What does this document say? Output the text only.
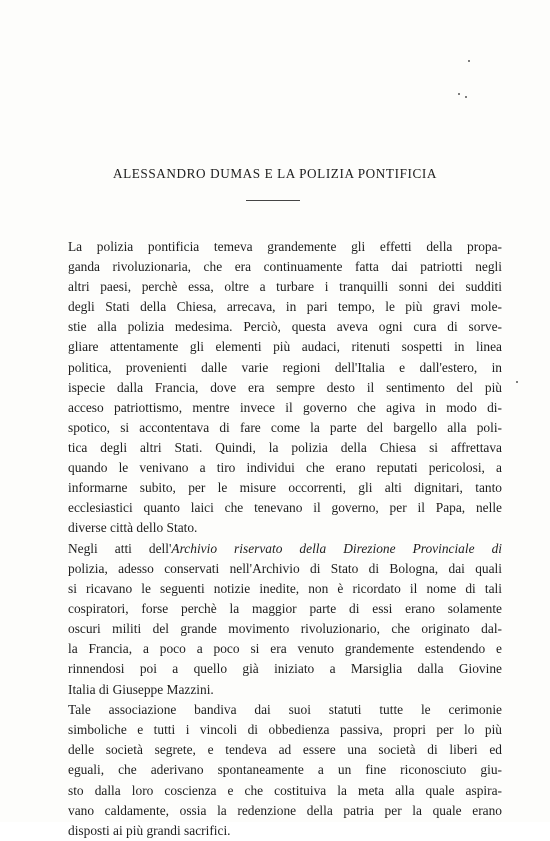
ALESSANDRO DUMAS E LA POLIZIA PONTIFICIA

La polizia pontificia temeva grandemente gli effetti della propa-
ganda rivoluzionaria, che era continuamente fatta dai patriotti negli
altri paesi, perchè essa, oltre a turbare i tranquilli sonni dei sudditi
degli Stati della Chiesa, arrecava, in pari tempo, le più gravi mole-
stie alla polizia medesima. Perciò, questa aveva ogni cura di sorve-
gliare attentamente gli elementi più audaci, ritenuti sospetti in linea
politica, provenienti dalle varie regioni dell'Italia e dall'estero, in
ispecie dalla Francia, dove era sempre desto il sentimento del più
acceso patriottismo, mentre invece il governo che agiva in modo di-
spotico, si accontentava di fare come la parte del bargello alla poli-
tica degli altri Stati. Quindi, la polizia della Chiesa si affrettava
quando le venivano a tiro individui che erano reputati pericolosi, a
informarne subito, per le misure occorrenti, gli alti dignitari, tanto
ecclesiastici quanto laici che tenevano il governo, per il Papa, nelle
diverse città dello Stato.

Negli atti dell'Archivio riservato della Direzione Provinciale di
polizia, adesso conservati nell'Archivio di Stato di Bologna, dai quali
si ricavano le seguenti notizie inedite, non è ricordato il nome di tali
cospiratori, forse perchè la maggior parte di essi erano solamente
oscuri militi del grande movimento rivoluzionario, che originato dal-
la Francia, a poco a poco si era venuto grandemente estendendo e
rinnendosi poi a quello già iniziato a Marsiglia dalla Giovine
Italia di Giuseppe Mazzini.

Tale associazione bandiva dai suoi statuti tutte le cerimonie
simboliche e tutti i vincoli di obbedienza passiva, propri per lo più
delle società segrete, e tendeva ad essere una società di liberi ed
eguali, che aderivano spontaneamente a un fine riconosciuto giu-
sto dalla loro coscienza e che costituiva la meta alla quale aspira-
vano caldamente, ossia la redenzione della patria per la quale erano
disposti ai più grandi sacrifici.
